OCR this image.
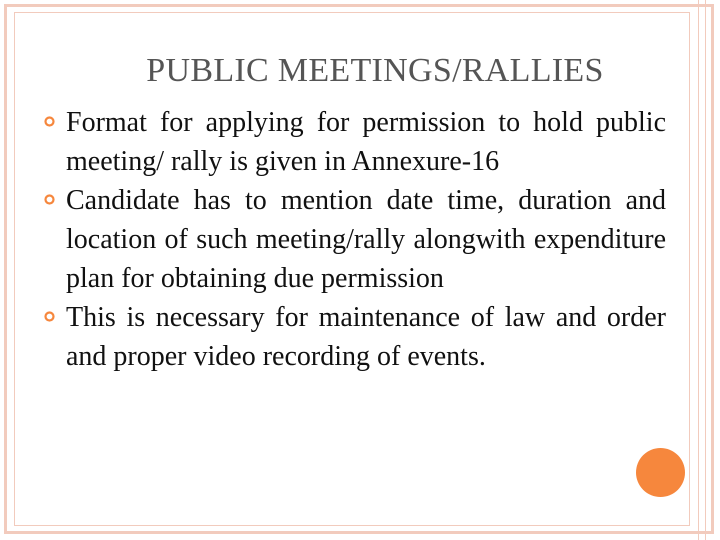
PUBLIC MEETINGS/RALLIES
Format for applying for permission to hold public meeting/ rally is given in Annexure-16
Candidate has to mention date time, duration and location of such meeting/rally alongwith expenditure plan for obtaining due permission
This is necessary for maintenance of law and order and proper video recording of events.
